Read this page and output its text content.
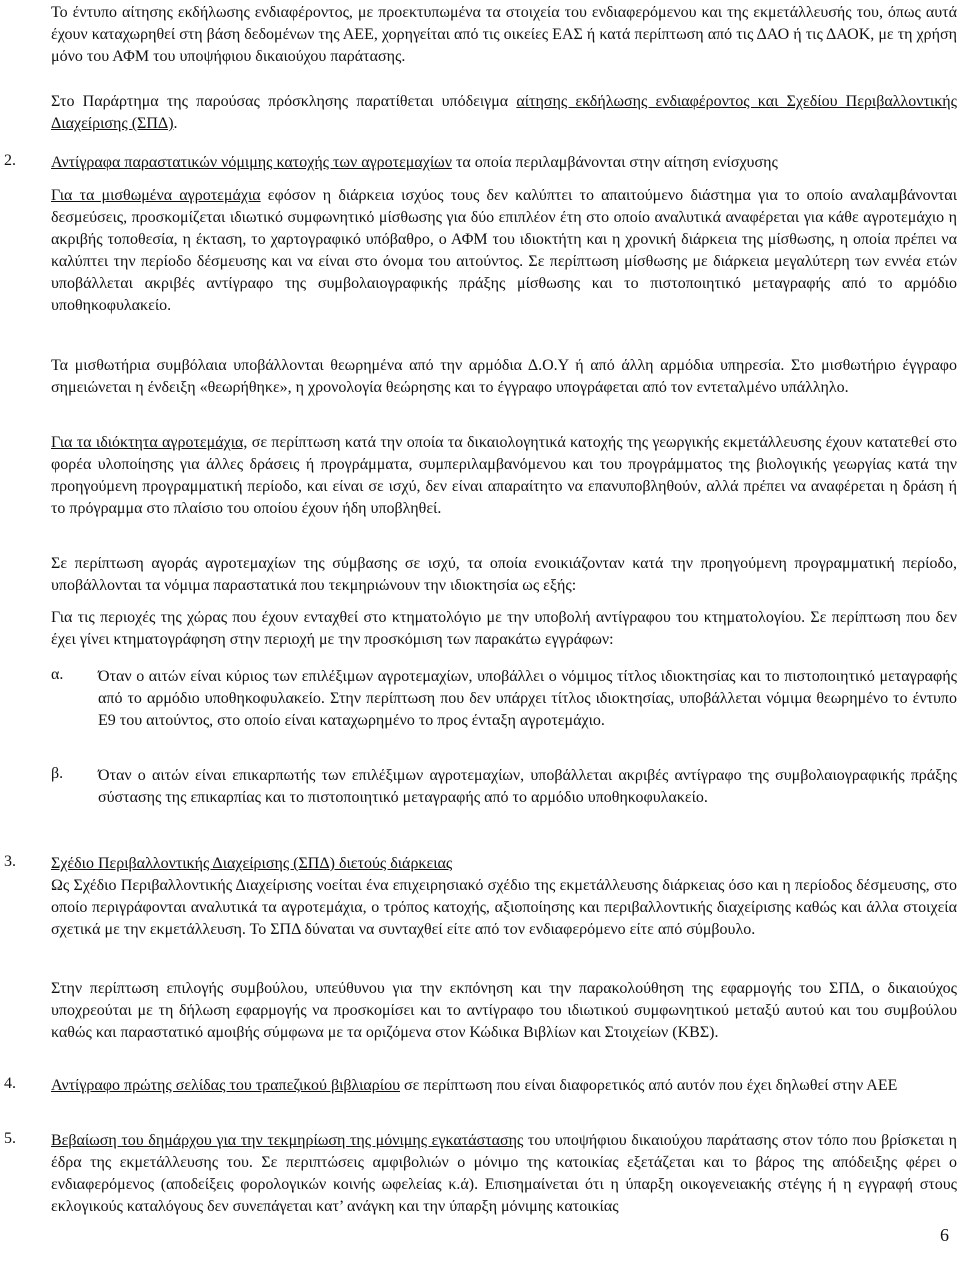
Το έντυπο αίτησης εκδήλωσης ενδιαφέροντος, με προεκτυπωμένα τα στοιχεία του ενδιαφερόμενου και της εκμετάλλευσής του, όπως αυτά έχουν καταχωρηθεί στη βάση δεδομένων της ΑΕΕ, χορηγείται από τις οικείες ΕΑΣ ή κατά περίπτωση από τις ΔΑΟ ή τις ΔΑΟΚ, με τη χρήση μόνο του ΑΦΜ του υποψήφιου δικαιούχου παράτασης.

Στο Παράρτημα της παρούσας πρόσκλησης παρατίθεται υπόδειγμα αίτησης εκδήλωσης ενδιαφέροντος και Σχεδίου Περιβαλλοντικής Διαχείρισης (ΣΠΔ).

2. Αντίγραφα παραστατικών νόμιμης κατοχής των αγροτεμαχίων τα οποία περιλαμβάνονται στην αίτηση ενίσχυσης

Για τα μισθωμένα αγροτεμάχια εφόσον η διάρκεια ισχύος τους δεν καλύπτει το απαιτούμενο διάστημα για το οποίο αναλαμβάνονται δεσμεύσεις, προσκομίζεται ιδιωτικό συμφωνητικό μίσθωσης για δύο επιπλέον έτη στο οποίο αναλυτικά αναφέρεται για κάθε αγροτεμάχιο η ακριβής τοποθεσία, η έκταση, το χαρτογραφικό υπόβαθρο, ο ΑΦΜ του ιδιοκτήτη και η χρονική διάρκεια της μίσθωσης, η οποία πρέπει να καλύπτει την περίοδο δέσμευσης και να είναι στο όνομα του αιτούντος. Σε περίπτωση μίσθωσης με διάρκεια μεγαλύτερη των εννέα ετών υποβάλλεται ακριβές αντίγραφο της συμβολαιογραφικής πράξης μίσθωσης και το πιστοποιητικό μεταγραφής από το αρμόδιο υποθηκοφυλακείο.

Τα μισθωτήρια συμβόλαια υποβάλλονται θεωρημένα από την αρμόδια Δ.Ο.Υ ή από άλλη αρμόδια υπηρεσία. Στο μισθωτήριο έγγραφο σημειώνεται η ένδειξη «θεωρήθηκε», η χρονολογία θεώρησης και το έγγραφο υπογράφεται από τον εντεταλμένο υπάλληλο.

Για τα ιδιόκτητα αγροτεμάχια, σε περίπτωση κατά την οποία τα δικαιολογητικά κατοχής της γεωργικής εκμετάλλευσης έχουν κατατεθεί στο φορέα υλοποίησης για άλλες δράσεις ή προγράμματα, συμπεριλαμβανόμενου και του προγράμματος της βιολογικής γεωργίας κατά την προηγούμενη προγραμματική περίοδο, και είναι σε ισχύ, δεν είναι απαραίτητο να επανυποβληθούν, αλλά πρέπει να αναφέρεται η δράση ή το πρόγραμμα στο πλαίσιο του οποίου έχουν ήδη υποβληθεί.

Σε περίπτωση αγοράς αγροτεμαχίων της σύμβασης σε ισχύ, τα οποία ενοικιάζονταν κατά την προηγούμενη προγραμματική περίοδο, υποβάλλονται τα νόμιμα παραστατικά που τεκμηριώνουν την ιδιοκτησία ως εξής:

Για τις περιοχές της χώρας που έχουν ενταχθεί στο κτηματολόγιο με την υποβολή αντίγραφου του κτηματολογίου. Σε περίπτωση που δεν έχει γίνει κτηματογράφηση στην περιοχή με την προσκόμιση των παρακάτω εγγράφων:

α. Όταν ο αιτών είναι κύριος των επιλέξιμων αγροτεμαχίων, υποβάλλει ο νόμιμος τίτλος ιδιοκτησίας και το πιστοποιητικό μεταγραφής από το αρμόδιο υποθηκοφυλακείο. Στην περίπτωση που δεν υπάρχει τίτλος ιδιοκτησίας, υποβάλλεται νόμιμα θεωρημένο το έντυπο Ε9 του αιτούντος, στο οποίο είναι καταχωρημένο το προς ένταξη αγροτεμάχιο.

β. Όταν ο αιτών είναι επικαρπωτής των επιλέξιμων αγροτεμαχίων, υποβάλλεται ακριβές αντίγραφο της συμβολαιογραφικής πράξης σύστασης της επικαρπίας και το πιστοποιητικό μεταγραφής από το αρμόδιο υποθηκοφυλακείο.

3. Σχέδιο Περιβαλλοντικής Διαχείρισης (ΣΠΔ) διετούς διάρκειας

Ως Σχέδιο Περιβαλλοντικής Διαχείρισης νοείται ένα επιχειρησιακό σχέδιο της εκμετάλλευσης διάρκειας όσο και η περίοδος δέσμευσης, στο οποίο περιγράφονται αναλυτικά τα αγροτεμάχια, ο τρόπος κατοχής, αξιοποίησης και περιβαλλοντικής διαχείρισης καθώς και άλλα στοιχεία σχετικά με την εκμετάλλευση. Το ΣΠΔ δύναται να συνταχθεί είτε από τον ενδιαφερόμενο είτε από σύμβουλο.

Στην περίπτωση επιλογής συμβούλου, υπεύθυνου για την εκπόνηση και την παρακολούθηση της εφαρμογής του ΣΠΔ, ο δικαιούχος υποχρεούται με τη δήλωση εφαρμογής να προσκομίσει και το αντίγραφο του ιδιωτικού συμφωνητικού μεταξύ αυτού και του συμβούλου καθώς και παραστατικό αμοιβής σύμφωνα με τα οριζόμενα στον Κώδικα Βιβλίων και Στοιχείων (ΚΒΣ).

4. Αντίγραφο πρώτης σελίδας του τραπεζικού βιβλιαρίου σε περίπτωση που είναι διαφορετικός από αυτόν που έχει δηλωθεί στην ΑΕΕ

5. Βεβαίωση του δημάρχου για την τεκμηρίωση της μόνιμης εγκατάστασης του υποψήφιου δικαιούχου παράτασης στον τόπο που βρίσκεται η έδρα της εκμετάλλευσης του. Σε περιπτώσεις αμφιβολιών ο μόνιμο της κατοικίας εξετάζεται και το βάρος της απόδειξης φέρει ο ενδιαφερόμενος (αποδείξεις φορολογικών κοινής ωφελείας κ.ά). Επισημαίνεται ότι η ύπαρξη οικογενειακής στέγης ή η εγγραφή στους εκλογικούς καταλόγους δεν συνεπάγεται κατ’ ανάγκη και την ύπαρξη μόνιμης κατοικίας

6
